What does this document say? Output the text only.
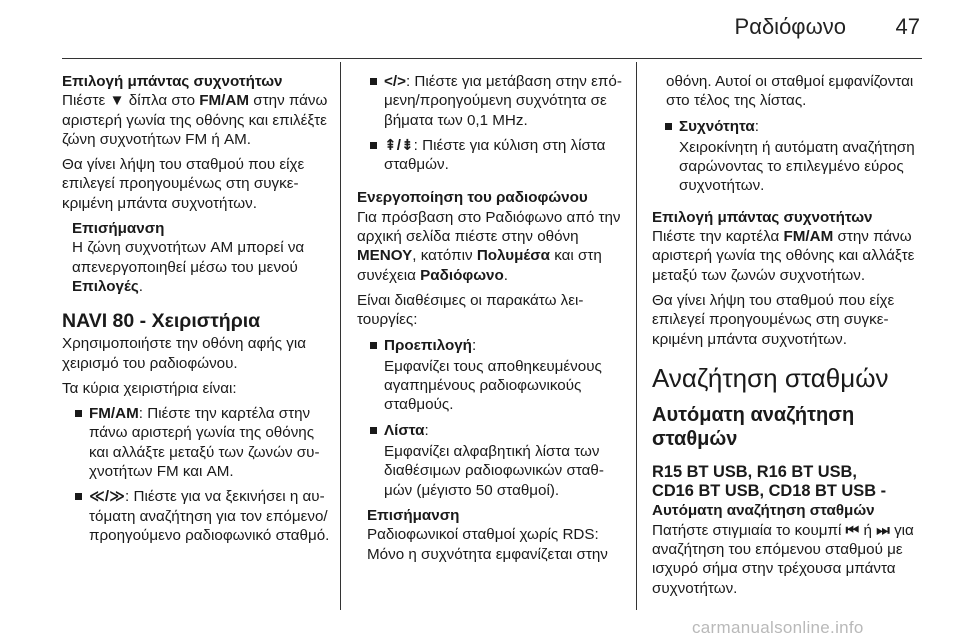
Ραδιόφωνο 47
Επιλογή μπάντας συχνοτήτων

Πιέστε ▼ δίπλα στο FM/AM στην πάνω αριστερή γωνία της οθόνης και επιλέξτε ζώνη συχνοτήτων FM ή AM.

Θα γίνει λήψη του σταθμού που είχε επιλεγεί προηγουμένως στη συγκεκριμένη μπάντα συχνοτήτων.

Επισήμανση
Η ζώνη συχνοτήτων AM μπορεί να απενεργοποιηθεί μέσω του μενού Επιλογές.
NAVI 80 - Χειριστήρια

Χρησιμοποιήστε την οθόνη αφής για χειρισμό του ραδιοφώνου.

Τα κύρια χειριστήρια είναι:

FM/AM: Πιέστε την καρτέλα στην πάνω αριστερή γωνία της οθόνης και αλλάξτε μεταξύ των ζωνών συχνοτήτων FM και AM.
≪/≫: Πιέστε για να ξεκινήσει η αυτόματη αναζήτηση για τον επόμενο/ προηγούμενο ραδιοφωνικό σταθμό.
</>: Πιέστε για μετάβαση στην επόμενη/προηγούμενη συχνότητα σε βήματα των 0,1 MHz.
⇞/⇟: Πιέστε για κύλιση στη λίστα σταθμών.
Ενεργοποίηση του ραδιοφώνου

Για πρόσβαση στο Ραδιόφωνο από την αρχική σελίδα πιέστε στην οθόνη ΜΕΝΟΥ, κατόπιν Πολυμέσα και στη συνέχεια Ραδιόφωνο.

Είναι διαθέσιμες οι παρακάτω λειτουργίες:

Προεπιλογή:
Εμφανίζει τους αποθηκευμένους αγαπημένους ραδιοφωνικούς σταθμούς.
Λίστα:
Εμφανίζει αλφαβητική λίστα των διαθέσιμων ραδιοφωνικών σταθμών (μέγιστο 50 σταθμοί).
Επισήμανση
Ραδιοφωνικοί σταθμοί χωρίς RDS: Μόνο η συχνότητα εμφανίζεται στην

οθόνη. Αυτοί οι σταθμοί εμφανίζονται στο τέλος της λίστας.

Συχνότητα:
Χειροκίνητη ή αυτόματη αναζήτηση σαρώνοντας το επιλεγμένο εύρος συχνοτήτων.
Επιλογή μπάντας συχνοτήτων

Πιέστε την καρτέλα FM/AM στην πάνω αριστερή γωνία της οθόνης και αλλάξτε μεταξύ των ζωνών συχνοτήτων.

Θα γίνει λήψη του σταθμού που είχε επιλεγεί προηγουμένως στη συγκεκριμένη μπάντα συχνοτήτων.

Αναζήτηση σταθμών
Αυτόματη αναζήτηση σταθμών
R15 BT USB, R16 BT USB,
CD16 BT USB, CD18 BT USB -
Αυτόματη αναζήτηση σταθμών

Πατήστε στιγμιαία το κουμπί ⏮ ή ⏭ για αναζήτηση του επόμενου σταθμού με ισχυρό σήμα στην τρέχουσα μπάντα συχνοτήτων.

carmanualsonline.info
